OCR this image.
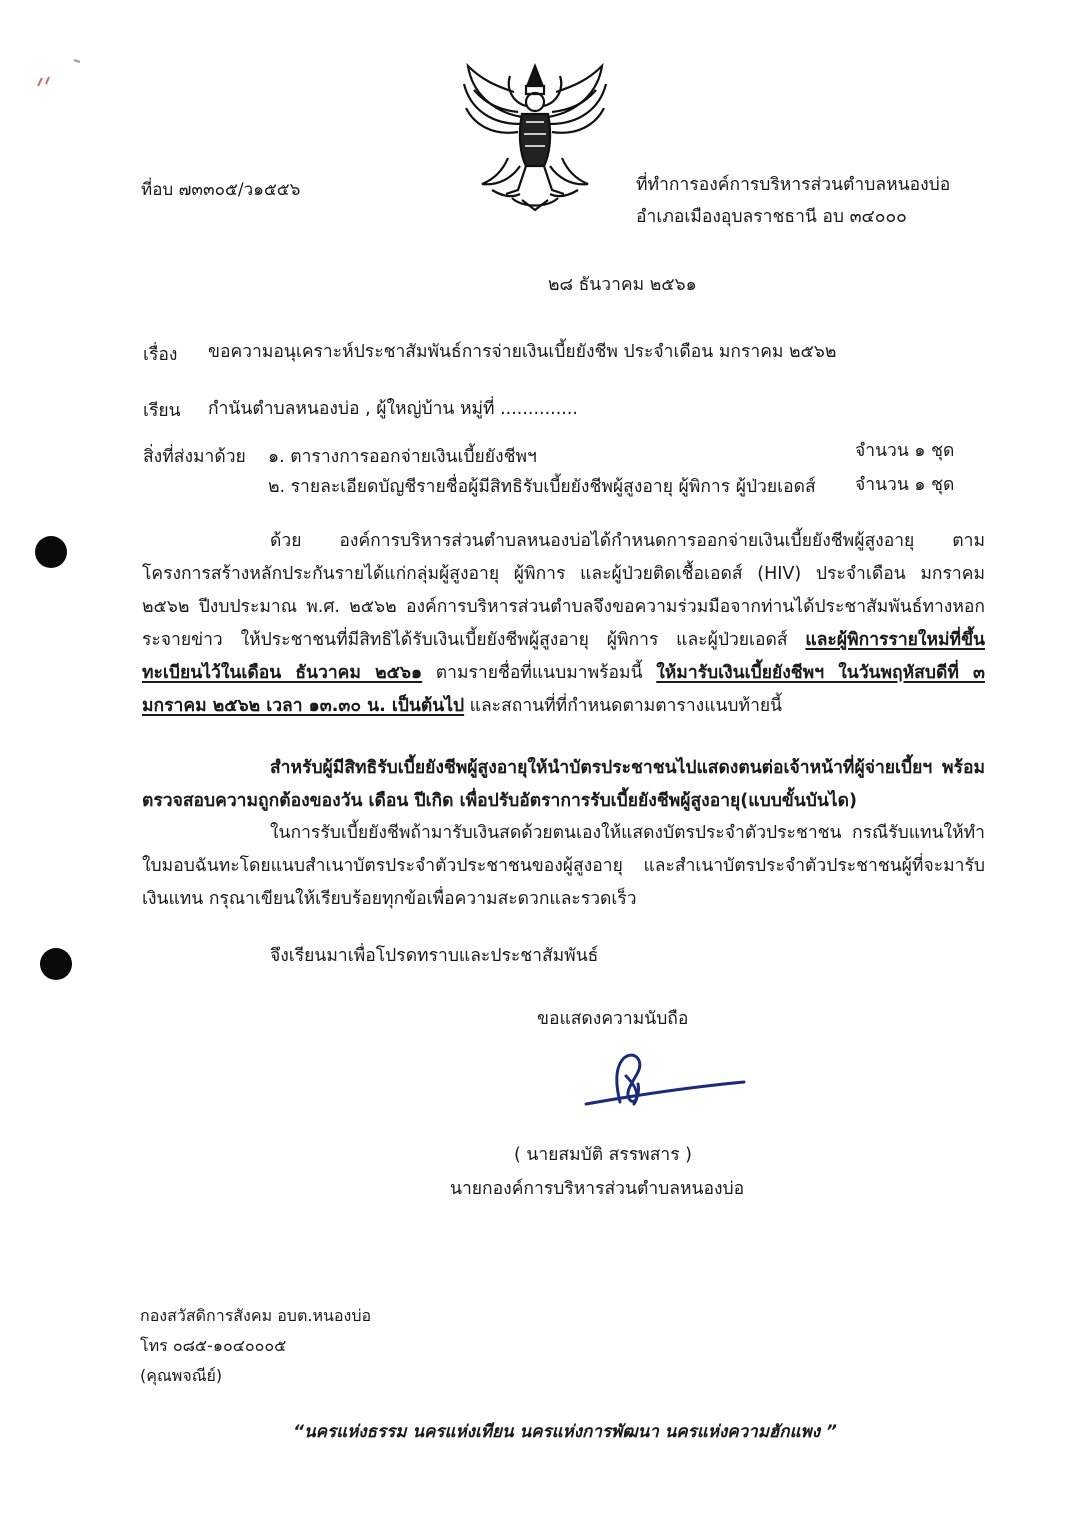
ที่อบ ๗๓๓๐๕/ว๑๕๕๖	ที่ทำการองค์การบริหารส่วนตำบลหนองบ่อ
อำเภอเมืองอุบลราชธานี อบ ๓๔๐๐๐
๒๘ ธันวาคม ๒๕๖๑
เรื่อง ขอความอนุเคราะห์ประชาสัมพันธ์การจ่ายเงินเบี้ยยังชีพ ประจำเดือน มกราคม ๒๕๖๒
เรียน กำนันตำบลหนองบ่อ , ผู้ใหญ่บ้าน หมู่ที่ ..............
สิ่งที่ส่งมาด้วย ๑. ตารางการออกจ่ายเงินเบี้ยยังชีพฯ	จำนวน ๑ ชุด
๒. รายละเอียดบัญชีรายชื่อผู้มีสิทธิรับเบี้ยยังชีพผู้สูงอายุ ผู้พิการ ผู้ป่วยเอดส์ จำนวน ๑ ชุด
ด้วย องค์การบริหารส่วนตำบลหนองบ่อได้กำหนดการออกจ่ายเงินเบี้ยยังชีพผู้สูงอายุ ตามโครงการสร้างหลักประกันรายได้แก่กลุ่มผู้สูงอายุ ผู้พิการ และผู้ป่วยติดเชื้อเอดส์ (HIV) ประจำเดือน มกราคม ๒๕๖๒ ปีงบประมาณ พ.ศ. ๒๕๖๒ องค์การบริหารส่วนตำบลจึงขอความร่วมมือจากท่านได้ประชาสัมพันธ์ทางหอกระจายข่าว ให้ประชาชนที่มีสิทธิได้รับเงินเบี้ยยังชีพผู้สูงอายุ ผู้พิการ และผู้ป่วยเอดส์ และผู้พิการรายใหม่ที่ขึ้นทะเบียนไว้ในเดือน ธันวาคม ๒๕๖๑ ตามรายชื่อที่แนบมาพร้อมนี้ ให้มารับเงินเบี้ยยังชีพฯ ในวันพฤหัสบดีที่ ๓ มกราคม ๒๕๖๒ เวลา ๑๓.๓๐ น. เป็นต้นไป และสถานที่ที่กำหนดตามตารางแนบท้ายนี้
สำหรับผู้มีสิทธิรับเบี้ยยังชีพผู้สูงอายุให้นำบัตรประชาชนไปแสดงตนต่อเจ้าหน้าที่ผู้จ่ายเบี้ยฯ พร้อมตรวจสอบความถูกต้องของวัน เดือน ปีเกิด เพื่อปรับอัตราการรับเบี้ยยังชีพผู้สูงอายุ(แบบขั้นบันได)
ในการรับเบี้ยยังชีพถ้ามารับเงินสดด้วยตนเองให้แสดงบัตรประจำตัวประชาชน กรณีรับแทนให้ทำใบมอบฉันทะโดยแนบสำเนาบัตรประจำตัวประชาชนของผู้สูงอายุ และสำเนาบัตรประจำตัวประชาชนผู้ที่จะมารับเงินแทน กรุณาเขียนให้เรียบร้อยทุกข้อเพื่อความสะดวกและรวดเร็ว
จึงเรียนมาเพื่อโปรดทราบและประชาสัมพันธ์
ขอแสดงความนับถือ
( นายสมบัติ สรรพสาร )
นายกองค์การบริหารส่วนตำบลหนองบ่อ
กองสวัสดิการสังคม อบต.หนองบ่อ
โทร ๐๘๕-๑๐๔๐๐๐๕
(คุณพจณีย์)
“นครแห่งธรรม นครแห่งเทียน นครแห่งการพัฒนา นครแห่งความฮักแพง ”
